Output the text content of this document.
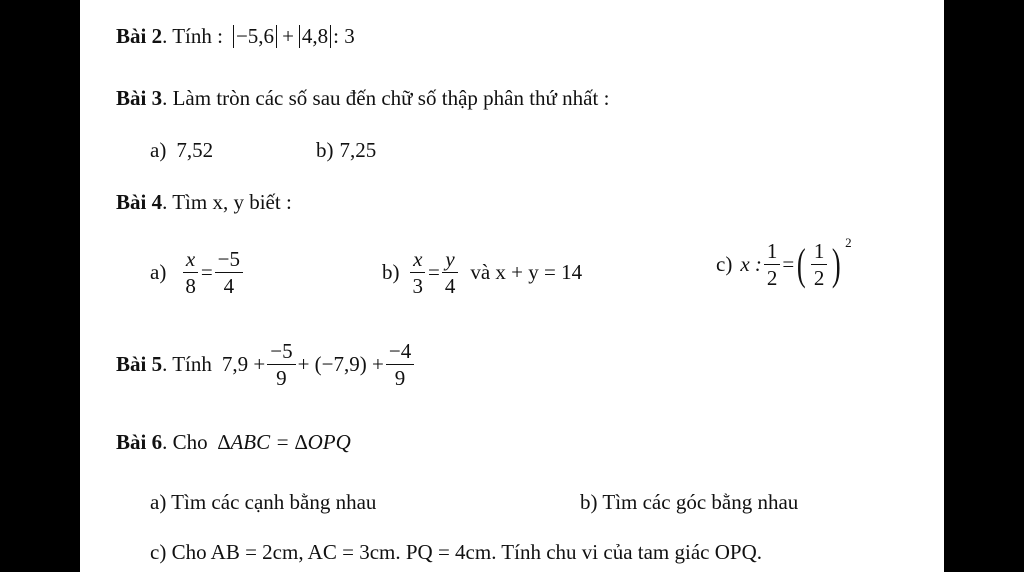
Bài 2 . Tính : −5,6 + 4,8 : 3
Bài 3 . Làm tròn các số sau đến chữ số thập phân thứ nhất :
a) 7,52	b) 7,25
Bài 4 . Tìm x, y biết :
$a) \frac{x}{8} = \frac{-5}{4}$	$b) \frac{x}{3} = \frac{y}{4}$ và x + y = 14	c) x : $\frac{1}{2}$ = ( $\frac{1}{2}$ ) 2
Bài 5 . Tính $7,9 + \frac{-5}{9} + (-7,9) + \frac{-4}{9}$
Bài 6 . Cho ∆ABC = ∆OPQ
a) Tìm các cạnh bằng nhau	b) Tìm các góc bằng nhau
c) Cho AB = 2cm, AC = 3cm. PQ = 4cm. Tính chu vi của tam giác OPQ.
